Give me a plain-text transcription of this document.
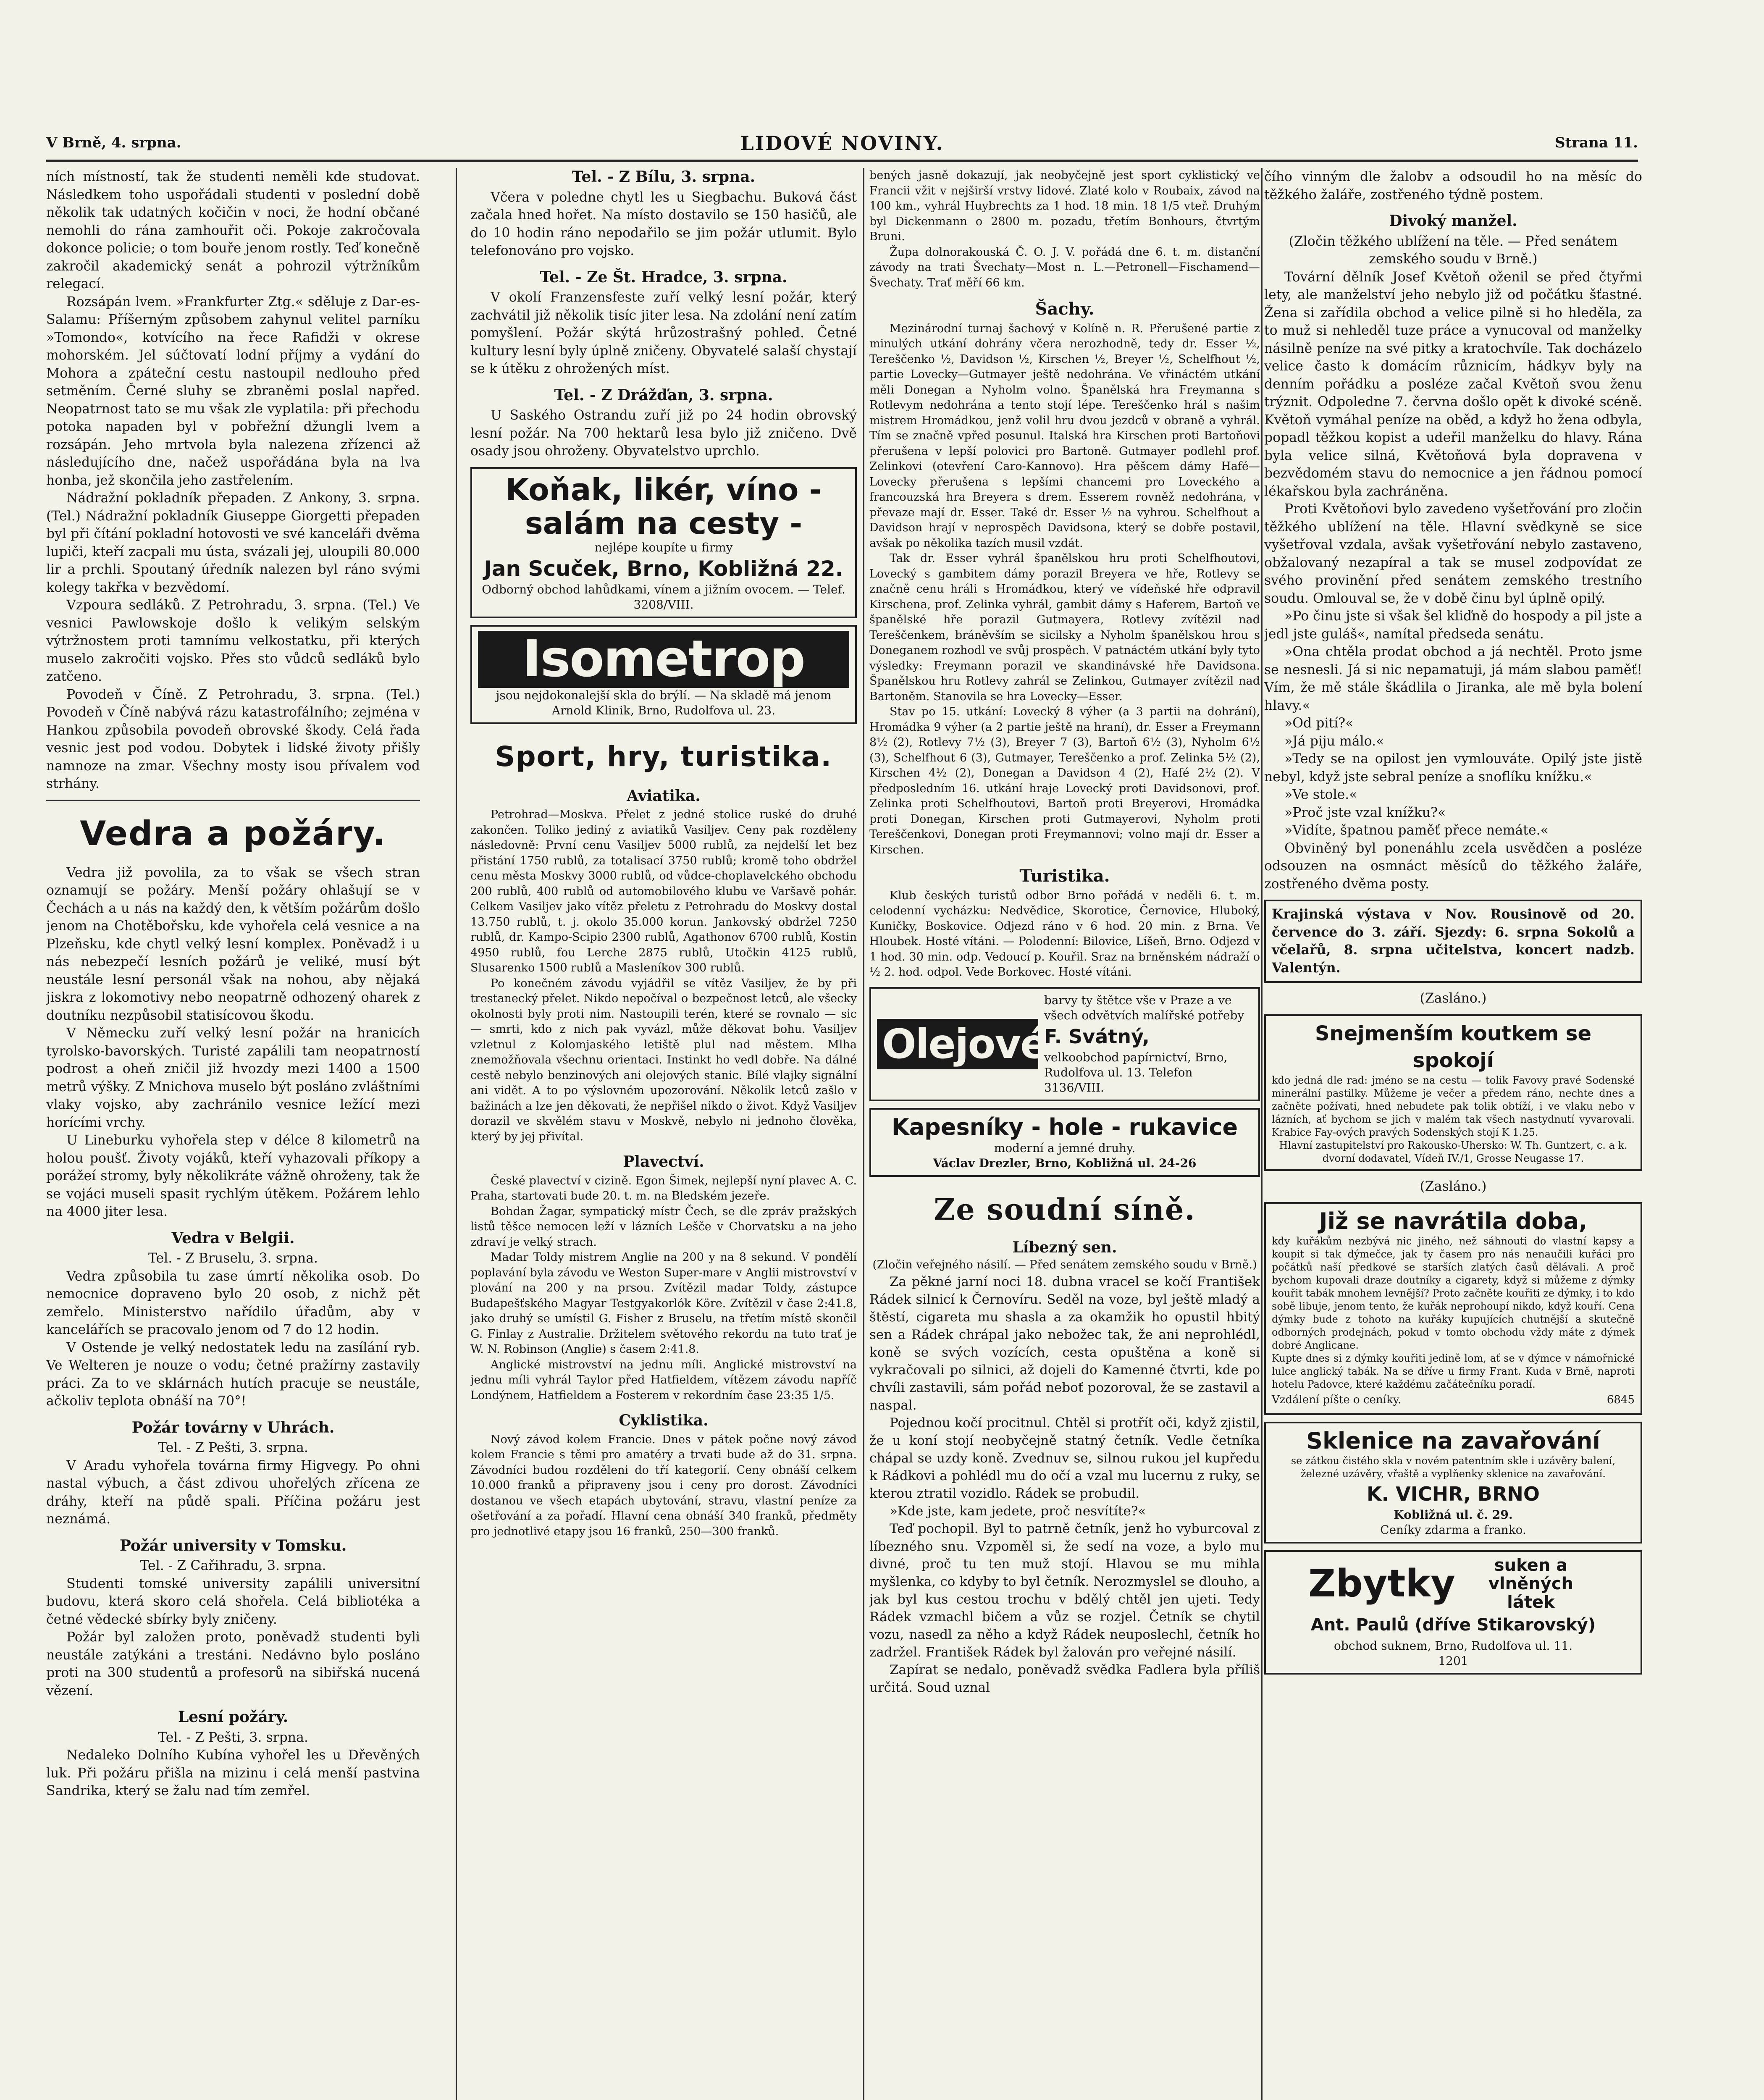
V Brně, 4. srpna.	LIDOVÉ NOVINY.	Strana 11.

ních místností, tak že studenti neměli kde studovat. Následkem toho uspořádali studenti v poslední době několik tak udatných kočičin v noci, že hodní občané nemohli do rána zamhouřit oči. Pokoje zakročovala dokonce policie; o tom bouře jenom rostly. Teď konečně zakročil akademický senát a pohrozil výtržníkům relegací.

Rozsápán lvem. »Frankfurter Ztg.« sděluje z Dar-es-Salamu: Příšerným způsobem zahynul velitel parníku »Tomondo«, kotvícího na řece Rafidži v okrese mohorském. Jel súčtovatí lodní příjmy a vydání do Mohora a zpáteční cestu nastoupil nedlouho před setměním. Černé sluhy se zbraněmi poslal napřed. Neopatrnost tato se mu však zle vyplatila: při přechodu potoka napaden byl v pobřežní džungli lvem a rozsápán. Jeho mrtvola byla nalezena zřízenci až následujícího dne, načež uspořádána byla na lva honba, jež skončila jeho zastřelením.

Nádražní pokladník přepaden. Z Ankony, 3. srpna. (Tel.) Nádražní pokladník Giuseppe Giorgetti přepaden byl při čítání pokladní hotovosti ve své kanceláři dvěma lupiči, kteří zacpali mu ústa, svázali jej, uloupili 80.000 lir a prchli. Spoutaný úředník nalezen byl ráno svými kolegy takřka v bezvědomí.

Vzpoura sedláků. Z Petrohradu, 3. srpna. (Tel.) Ve vesnici Pawlowskoje došlo k velikým selským výtržnostem proti tamnímu velkostatku, při kterých muselo zakročiti vojsko. Přes sto vůdců sedláků bylo zatčeno.

Povodeň v Číně. Z Petrohradu, 3. srpna. (Tel.) Povodeň v Číně nabývá rázu katastrofálního; zejména v Hankou způsobila povodeň obrovské škody. Celá řada vesnic jest pod vodou. Dobytek i lidské životy přišly namnoze na zmar. Všechny mosty isou přívalem vod strhány.

Vedra a požáry.

Vedra již povolila, za to však se všech stran oznamují se požáry. Menší požáry ohlašují se v Čechách a u nás na každý den, k větším požárům došlo jenom na Chotěbořsku, kde vyhořela celá vesnice a na Plzeňsku, kde chytl velký lesní komplex. Poněvadž i u nás nebezpečí lesních požárů je veliké, musí být neustále lesní personál však na nohou, aby nějaká jiskra z lokomotivy nebo neopatrně odhozený oharek z doutníku nezpůsobil statisícovou škodu.

V Německu zuří velký lesní požár na hranicích tyrolsko-bavorských. Turisté zapálili tam neopatrností podrost a oheň zničil již hvozdy mezi 1400 a 1500 metrů výšky. Z Mnichova muselo být posláno zvláštními vlaky vojsko, aby zachránilo vesnice ležící mezi horícími vrchy.

U Lineburku vyhořela step v délce 8 kilometrů na holou poušť. Životy vojáků, kteří vyhazovali příkopy a porážeí stromy, byly několikráte vážně ohroženy, tak že se vojáci museli spasit rychlým útěkem. Požárem lehlo na 4000 jiter lesa.

Vedra v Belgii.
Tel. - Z Bruselu, 3. srpna.

Vedra způsobila tu zase úmrtí několika osob. Do nemocnice dopraveno bylo 20 osob, z nichž pět zemřelo. Ministerstvo nařídilo úřadům, aby v kancelářích se pracovalo jenom od 7 do 12 hodin.

V Ostende je velký nedostatek ledu na zasílání ryb. Ve Welteren je nouze o vodu; četné pražírny zastavily práci. Za to ve sklárnách hutích pracuje se neustále, ačkoliv teplota obnáší na 70°!

Požár továrny v Uhrách.
Tel. - Z Pešti, 3. srpna.

V Aradu vyhořela továrna firmy Higvegy. Po ohni nastal výbuch, a část zdivou uhořelých zřícena ze dráhy, kteří na půdě spali. Příčina požáru jest neznámá.

Požár university v Tomsku.
Tel. - Z Cařihradu, 3. srpna.

Studenti tomské university zapálili universitní budovu, která skoro celá shořela. Celá bibliotéka a četné vědecké sbírky byly zničeny.

Požár byl založen proto, poněvadž studenti byli neustále zatýkáni a trestáni. Nedávno bylo posláno proti na 300 studentů a profesorů na sibiřská nucená vězení.

Lesní požáry.
Tel. - Z Pešti, 3. srpna.

Nedaleko Dolního Kubína vyhořel les u Dřevěných luk. Při požáru přišla na mizinu i celá menší pastvina Sandrika, který se žalu nad tím zemřel.

Tel. - Z Bílu, 3. srpna.

Včera v poledne chytl les u Siegbachu. Buková část začala hned hořet. Na místo dostavilo se 150 hasičů, ale do 10 hodin ráno nepodařilo se jim požár utlumit. Bylo telefonováno pro vojsko.

Tel. - Ze Št. Hradce, 3. srpna.

V okolí Franzensfeste zuří velký lesní požár, který zachvátil již několik tisíc jiter lesa. Na zdolání není zatím pomyšlení. Požár skýtá hrůzostrašný pohled. Četné kultury lesní byly úplně zničeny. Obyvatelé salaší chystají se k útěku z ohrožených míst.

Tel. - Z Drážďan, 3. srpna.

U Saského Ostrandu zuří již po 24 hodin obrovský lesní požár. Na 700 hektarů lesa bylo již zničeno. Dvě osady jsou ohroženy. Obyvatelstvo uprchlo.

Koňak, likér, víno - salám na cesty -
nejlépe koupíte u firmy
Jan Scuček, Brno, Kobližná 22.
Odborný obchod lahůdkami, vínem a jižním ovocem. — Telef. 3208/VIII.
Isometrop
jsou nejdokonalejší skla do brýlí. — Na skladě má jenom Arnold Klinik, Brno, Rudolfova ul. 23.
Sport, hry, turistika.
Aviatika.

Petrohrad—Moskva. Přelet z jedné stolice ruské do druhé zakončen. Toliko jediný z aviatiků Vasiljev. Ceny pak rozděleny následovně: První cenu Vasiljev 5000 rublů, za nejdelší let bez přistání 1750 rublů, za totalisací 3750 rublů; kromě toho obdržel cenu města Moskvy 3000 rublů, od vůdce-choplavelckého obchodu 200 rublů, 400 rublů od automobilového klubu ve Varšavě pohár. Celkem Vasiljev jako vítěz přeletu z Petrohradu do Moskvy dostal 13.750 rublů, t. j. okolo 35.000 korun. Jankovský obdržel 7250 rublů, dr. Kampo-Scipio 2300 rublů, Agathonov 6700 rublů, Kostin 4950 rublů, fou Lerche 2875 rublů, Utočkin 4125 rublů, Slusarenko 1500 rublů a Masleníkov 300 rublů.

Po konečném závodu vyjádřil se vítěz Vasiljev, že by při trestanecký přelet. Nikdo nepočíval o bezpečnost letců, ale všecky okolnosti byly proti nim. Nastoupili terén, které se rovnalo — sic — smrti, kdo z nich pak vyvázl, může děkovat bohu. Vasiljev vzletnul z Kolomjaského letiště plul nad městem. Mlha znemožňovala všechnu orientaci. Instinkt ho vedl dobře. Na dálné cestě nebylo benzinových ani olejových stanic. Bílé vlajky signální ani vidět. A to po výslovném upozorování. Několik letců zašlo v bažinách a lze jen děkovati, že nepřišel nikdo o život. Když Vasiljev dorazil ve skvělém stavu v Moskvě, nebylo ni jednoho člověka, který by jej přivítal.

Plavectví.

České plavectví v cizině. Egon Šimek, nejlepší nyní plavec A. C. Praha, startovati bude 20. t. m. na Bledském jezeře.

Bohdan Žagar, sympatický místr Čech, se dle zpráv pražských listů těšce nemocen leží v lázních Lešče v Chorvatsku a na jeho zdraví je velký strach.

Madar Toldy mistrem Anglie na 200 y na 8 sekund. V pondělí poplavání byla závodu ve Weston Super-mare v Anglii mistrovství v plování na 200 y na prsou. Zvítězil madar Toldy, zástupce Budapešťského Magyar Testgyakorlók Köre. Zvítězil v čase 2:41.8, jako druhý se umístil G. Fisher z Bruselu, na třetím místě skončil G. Finlay z Australie. Držitelem světového rekordu na tuto trať je W. N. Robinson (Anglie) s časem 2:41.8.

Anglické mistrovství na jednu míli. Anglické mistrovství na jednu míli vyhrál Taylor před Hatfieldem, vítězem závodu napříč Londýnem, Hatfieldem a Fosterem v rekordním čase 23:35 1/5.

Cyklistika.

Nový závod kolem Francie. Dnes v pátek počne nový závod kolem Francie s těmi pro amatéry a trvati bude až do 31. srpna. Závodníci budou rozděleni do tří kategorií. Ceny obnáší celkem 10.000 franků a připraveny jsou i ceny pro dorost. Závodníci dostanou ve všech etapách ubytování, stravu, vlastní peníze za ošetřování a za pořadí. Hlavní cena obnáší 340 franků, předměty pro jednotlivé etapy jsou 16 franků, 250—300 franků.

bených jasně dokazují, jak neobyčejně jest sport cyklistický ve Francii vžit v nejširší vrstvy lidové. Zlaté kolo v Roubaix, závod na 100 km., vyhrál Huybrechts za 1 hod. 18 min. 18 1/5 vteř. Druhým byl Dickenmann o 2800 m. pozadu, třetím Bonhours, čtvrtým Bruni.

Župa dolnorakouská Č. O. J. V. pořádá dne 6. t. m. distanční závody na trati Švechaty—Most n. L.—Petronell—Fischamend—Švechaty. Trať měří 66 km.

Šachy.

Mezinárodní turnaj šachový v Kolíně n. R. Přerušené partie z minulých utkání dohrány včera nerozhodně, tedy dr. Esser ½, Tereščenko ½, Davidson ½, Kirschen ½, Breyer ½, Schelfhout ½, partie Lovecky—Gutmayer ještě nedohrána. Ve vřináctém utkání měli Donegan a Nyholm volno. Španělská hra Freymanna s Rotlevym nedohrána a tento stojí lépe. Tereščenko hrál s našim mistrem Hromádkou, jenž volil hru dvou jezdců v obraně a vyhrál. Tím se značně vpřed posunul. Italská hra Kirschen proti Bartoňovi přerušena v lepší polovici pro Bartoně. Gutmayer podlehl prof. Zelinkovi (otevření Caro-Kannovo). Hra pěšcem dámy Hafé—Lovecky přerušena s lepšími chancemi pro Loveckého a francouzská hra Breyera s drem. Esserem rovněž nedohrána, v převaze mají dr. Esser. Také dr. Esser ½ na vyhrou. Schelfhout a Davidson hrají v neprospěch Davidsona, který se dobře postavil, avšak po několika tazích musil vzdát.

Tak dr. Esser vyhrál španělskou hru proti Schelfhoutovi, Lovecký s gambitem dámy porazil Breyera ve hře, Rotlevy se značně cenu hráli s Hromádkou, který ve vídeňské hře odpravil Kirschena, prof. Zelinka vyhrál, gambit dámy s Haferem, Bartoň ve španělské hře porazil Gutmayera, Rotlevy zvítězil nad Tereščenkem, bráněvším se sicilsky a Nyholm španělskou hrou s Doneganem rozhodl ve svůj prospěch. V patnáctém utkání byly tyto výsledky: Freymann porazil ve skandinávské hře Davidsona. Španělskou hru Rotlevy zahrál se Zelinkou, Gutmayer zvítězil nad Bartoněm. Stanovila se hra Lovecky—Esser.

Stav po 15. utkání: Lovecký 8 výher (a 3 partii na dohrání), Hromádka 9 výher (a 2 partie ještě na hraní), dr. Esser a Freymann 8½ (2), Rotlevy 7½ (3), Breyer 7 (3), Bartoň 6½ (3), Nyholm 6½ (3), Schelfhout 6 (3), Gutmayer, Tereščenko a prof. Zelinka 5½ (2), Kirschen 4½ (2), Donegan a Davidson 4 (2), Hafé 2½ (2). V předposledním 16. utkání hraje Lovecký proti Davidsonovi, prof. Zelinka proti Schelfhoutovi, Bartoň proti Breyerovi, Hromádka proti Donegan, Kirschen proti Gutmayerovi, Nyholm proti Tereščenkovi, Donegan proti Freymannovi; volno mají dr. Esser a Kirschen.

Turistika.

Klub českých turistů odbor Brno pořádá v neděli 6. t. m. celodenní vycházku: Nedvědice, Skorotice, Černovice, Hluboký, Kuničky, Boskovice. Odjezd ráno v 6 hod. 20 min. z Brna. Ve Hloubek. Hosté vítáni. — Polodenní: Bilovice, Líšeň, Brno. Odjezd v 1 hod. 30 min. odp. Vedoucí p. Kouřil. Sraz na brněnském nádraží o ½ 2. hod. odpol. Vede Borkovec. Hosté vítáni.

Olejové
barvy ty štětce vše v Praze a ve všech odvětvích malířské potřeby
F. Svátný,
velkoobchod papírnictví, Brno, Rudolfova ul. 13. Telefon 3136/VIII.
Kapesníky - hole - rukavice
moderní a jemné druhy.
Václav Drezler, Brno, Kobližná ul. 24-26
Ze soudní síně.
Líbezný sen.
(Zločin veřejného násilí. — Před senátem zemského soudu v Brně.)

Za pěkné jarní noci 18. dubna vracel se kočí František Rádek silnicí k Černovíru. Seděl na voze, byl ještě mladý a štěstí, cigareta mu shasla a za okamžik ho opustil hbitý sen a Rádek chrápal jako nebožec tak, že ani neprohlédl, koně se svých vozících, cesta opuštěna a koně si vykračovali po silnici, až dojeli do Kamenné čtvrti, kde po chvíli zastavili, sám pořád neboť pozoroval, že se zastavil a naspal.

Pojednou kočí procitnul. Chtěl si protřít oči, když zjistil, že u koní stojí neobyčejně statný četník. Vedle četníka chápal se uzdy koně. Zvednuv se, silnou rukou jel kupředu k Rádkovi a pohlédl mu do očí a vzal mu lucernu z ruky, se kterou ztratil vozidlo. Rádek se probudil.

»Kde jste, kam jedete, proč nesvítíte?«

Teď pochopil. Byl to patrně četník, jenž ho vyburcoval z líbezného snu. Vzpoměl si, že sedí na voze, a bylo mu divné, proč tu ten muž stojí. Hlavou se mu mihla myšlenka, co kdyby to byl četník. Nerozmyslel se dlouho, a jak byl kus cestou trochu v bdělý chtěl jen ujeti. Tedy Rádek vzmachl bičem a vůz se rozjel. Četník se chytil vozu, nasedl za něho a když Rádek neuposlechl, četník ho zadržel. František Rádek byl žalován pro veřejné násilí.

Zapírat se nedalo, poněvadž svědka Fadlera byla příliš určitá. Soud uznal

čího vinným dle žalobv a odsoudil ho na měsíc do těžkého žaláře, zostřeného týdně postem.

Divoký manžel.
(Zločin těžkého ublížení na těle. — Před senátem zemského soudu v Brně.)

Tovární dělník Josef Květoň oženil se před čtyřmi lety, ale manželství jeho nebylo již od počátku šťastné. Žena si zařídila obchod a velice pilně si ho hleděla, za to muž si nehleděl tuze práce a vynucoval od manželky násilně peníze na své pitky a kratochvíle. Tak docházelo velice často k domácím různicím, hádkyv byly na denním pořádku a posléze začal Květoň svou ženu trýznit. Odpoledne 7. června došlo opět k divoké scéně. Květoň vymáhal peníze na oběd, a když ho žena odbyla, popadl těžkou kopist a udeřil manželku do hlavy. Rána byla velice silná, Květoňová byla dopravena v bezvědomém stavu do nemocnice a jen řádnou pomocí lékařskou byla zachráněna.

Proti Květoňovi bylo zavedeno vyšetřování pro zločin těžkého ublížení na těle. Hlavní svědkyně se sice vyšetřoval vzdala, avšak vyšetřování nebylo zastaveno, obžalovaný nezapíral a tak se musel zodpovídat ze svého provinění před senátem zemského trestního soudu. Omlouval se, že v době činu byl úplně opilý.

»Po činu jste si však šel kliďně do hospody a pil jste a jedl jste guláš«, namítal předseda senátu.

»Ona chtěla prodat obchod a já nechtěl. Proto jsme se nesnesli. Já si nic nepamatuji, já mám slabou paměť! Vím, že mě stále škádlila o Jiranka, ale mě byla bolení hlavy.«

»Od pití?«

»Já piju málo.«

»Tedy se na opilost jen vymlouváte. Opilý jste jistě nebyl, když jste sebral peníze a snoflíku knížku.«

»Ve stole.«

»Proč jste vzal knížku?«

»Vidíte, špatnou paměť přece nemáte.«

Obviněný byl ponenáhlu zcela usvědčen a posléze odsouzen na osmnáct měsíců do těžkého žaláře, zostřeného dvěma posty.

Krajinská výstava v Nov. Rousinově od 20. července do 3. září. Sjezdy: 6. srpna Sokolů a včelařů, 8. srpna učitelstva, koncert nadzb. Valentýn.
(Zasláno.)
Snejmenším koutkem se spokojí
kdo jedná dle rad: jméno se na cestu — tolik Favovy pravé Sodenské minerální pastilky. Můžeme je večer a předem ráno, nechte dnes a začněte požívati, hned nebudete pak tolik obtíží, i ve vlaku nebo v lázních, ať bychom se jich v malém tak všech nastydnutí vyvarovali. Krabice Fay-ových pravých Sodenských stojí K 1.25.
Hlavní zastupitelství pro Rakousko-Uhersko: W. Th. Guntzert, c. a k. dvorní dodavatel, Vídeň IV./1, Grosse Neugasse 17.
(Zasláno.)
Již se navrátila doba,
kdy kuřákům nezbývá nic jiného, než sáhnouti do vlastní kapsy a koupit si tak dýmečce, jak ty časem pro nás nenaučili kuřáci pro počátků naší předkové se starších zlatých časů dělávali. A proč bychom kupovali draze doutníky a cigarety, když si můžeme z dýmky kouřit tabák mnohem levnější? Proto začněte kouřiti ze dýmky, i to kdo sobě libuje, jenom tento, že kuřák neprohoupí nikdo, když kouří. Cena dýmky bude z tohoto na kuřáky kupujících chutnější a skutečně odborných prodejnách, pokud v tomto obchodu vždy máte z dýmek dobré Anglicane.
Kupte dnes si z dýmky kouřiti jedině lom, ať se v dýmce v námořnické lulce anglický tabák. Na se dříve u firmy Frant. Kuda v Brně, naproti hotelu Padovce, které každému začátečníku poradí.
Vzdálení píšte o ceníky.	6845
Sklenice na zavařování
se zátkou čistého skla v novém patentním skle i uzávěry balení, železné uzávěry, vřaště a vyplňenky sklenice na zavařování.
K. VICHR, BRNO
Kobližná ul. č. 29.
Ceníky zdarma a franko.
Zbytky	suken a vlněných látek
Ant. Paulů (dříve Stikarovský)
obchod suknem, Brno, Rudolfova ul. 11.
1201
